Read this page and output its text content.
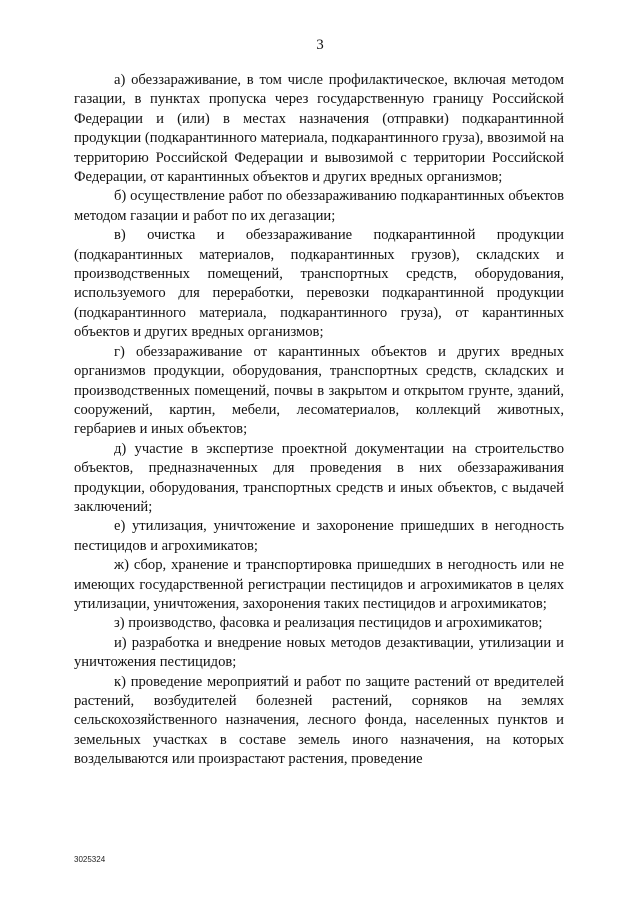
3

а) обеззараживание, в том числе профилактическое, включая методом газации, в пунктах пропуска через государственную границу Российской Федерации и (или) в местах назначения (отправки) подкарантинной продукции (подкарантинного материала, подкарантинного груза), ввозимой на территорию Российской Федерации и вывозимой с территории Российской Федерации, от карантинных объектов и других вредных организмов;

б) осуществление работ по обеззараживанию подкарантинных объектов методом газации и работ по их дегазации;

в) очистка и обеззараживание подкарантинной продукции (подкарантинных материалов, подкарантинных грузов), складских и производственных помещений, транспортных средств, оборудования, используемого для переработки, перевозки подкарантинной продукции (подкарантинного материала, подкарантинного груза), от карантинных объектов и других вредных организмов;

г) обеззараживание от карантинных объектов и других вредных организмов продукции, оборудования, транспортных средств, складских и производственных помещений, почвы в закрытом и открытом грунте, зданий, сооружений, картин, мебели, лесоматериалов, коллекций животных, гербариев и иных объектов;

д) участие в экспертизе проектной документации на строительство объектов, предназначенных для проведения в них обеззараживания продукции, оборудования, транспортных средств и иных объектов, с выдачей заключений;

е) утилизация, уничтожение и захоронение пришедших в негодность пестицидов и агрохимикатов;

ж) сбор, хранение и транспортировка пришедших в негодность или не имеющих государственной регистрации пестицидов и агрохимикатов в целях утилизации, уничтожения, захоронения таких пестицидов и агрохимикатов;

з) производство, фасовка и реализация пестицидов и агрохимикатов;

и) разработка и внедрение новых методов дезактивации, утилизации и уничтожения пестицидов;

к) проведение мероприятий и работ по защите растений от вредителей растений, возбудителей болезней растений, сорняков на землях сельскохозяйственного назначения, лесного фонда, населенных пунктов и земельных участках в составе земель иного назначения, на которых возделываются или произрастают растения, проведение

3025324
